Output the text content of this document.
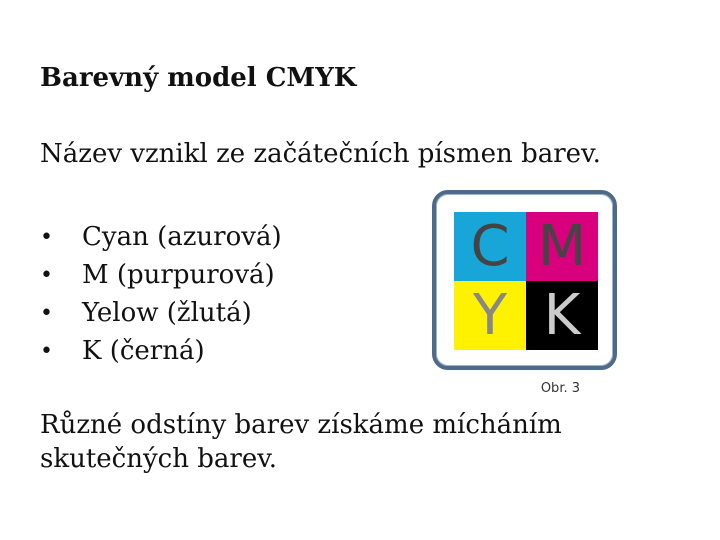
Barevný model CMYK
Název vznikl ze začátečních písmen barev.
•	Cyan (azurová)
•	M (purpurová)
•	Yelow (žlutá)
•	K (černá)
C M
Y K
Obr. 3
Různé odstíny barev získáme mícháním
skutečných barev.
